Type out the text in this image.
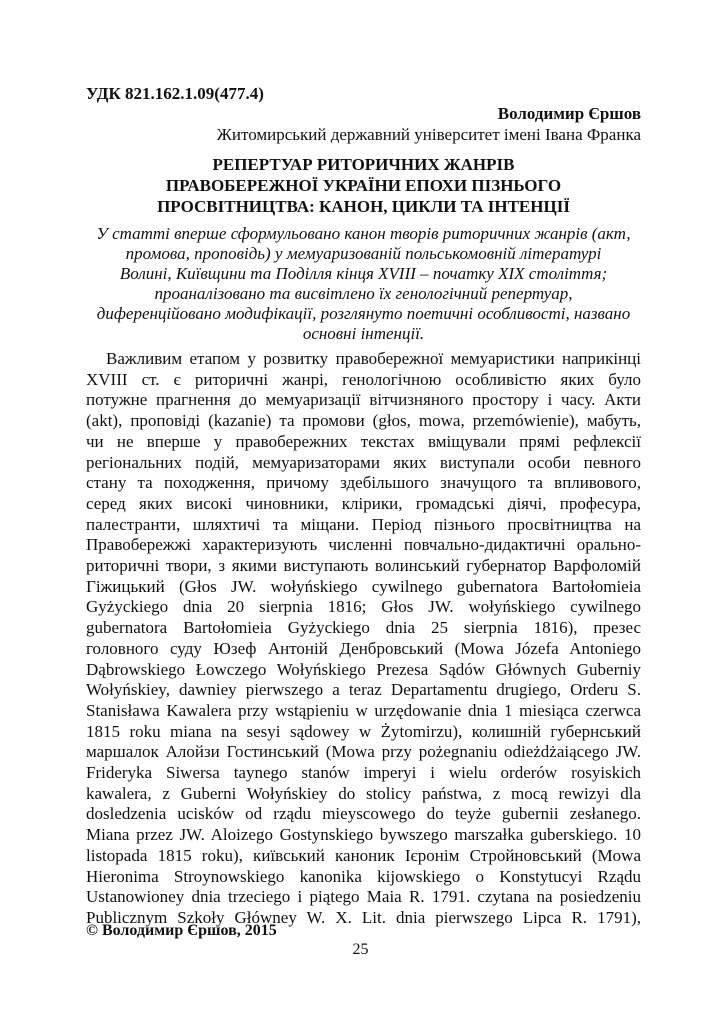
УДК 821.162.1.09(477.4)
Володимир Єршов
Житомирський державний університет імені Івана Франка
РЕПЕРТУАР РИТОРИЧНИХ ЖАНРІВ
ПРАВОБЕРЕЖНОЇ УКРАЇНИ ЕПОХИ ПІЗНЬОГО
ПРОСВІТНИЦТВА: КАНОН, ЦИКЛИ ТА ІНТЕНЦІЇ
У статті вперше сформульовано канон творів риторичних жанрів (акт,
промова, проповідь) у мемуаризованій польськомовній літературі
Волині, Київщини та Поділля кінця XVIII – початку ХІХ століття;
проаналізовано та висвітлено їх генологічний репертуар,
диференційовано модифікації, розглянуто поетичні особливості, названо
основні інтенції.
Важливим етапом у розвитку правобережної мемуаристики наприкінці
XVIII ст. є риторичні жанрі, генологічною особливістю яких було
потужне прагнення до мемуаризації вітчизняного простору і часу. Акти
(akt), проповіді (kazanie) та промови (głos, mowa, przemówienie), мабуть,
чи не вперше у правобережних текстах вміщували прямі рефлексії
регіональних подій, мемуаризаторами яких виступали особи певного
стану та походження, причому здебільшого значущого та впливового,
серед яких високі чиновники, клірики, громадські діячі, професура,
палестранти, шляхтичі та міщани. Період пізнього просвітництва на
Правобережжі характеризують численні повчально-дидактичні орально-
риторичні твори, з якими виступають волинський губернатор Варфоломій
Гіжицький (Głos JW. wołyńskiego cywilnego gubernatora Bartołomieia
Gyżyckiego dnia 20 sierpnia 1816; Głos JW. wołyńskiego cywilnego
gubernatora Bartołomieia Gyżyckiego dnia 25 sierpnia 1816), презес
головного суду Юзеф Антоній Денбровський (Mowa Józefa Antoniego
Dąbrowskiego Łowczego Wołyńskiego Prezesa Sądów Głównych Guberniy
Wołyńskiey, dawniey pierwszego a teraz Departamentu drugiego, Orderu S.
Stanisława Kawalera przy wstąpieniu w urzędowanie dnia 1 miesiąca czerwca
1815 roku miana na sesyi sądowey w Żytomirzu), колишній губернський
маршалок Алойзи Гостинський (Mowa przy pożegnaniu odieżdżaiącego JW.
Frideryka Siwersa taynego stanów imperyi i wielu orderów rosyiskich
kawalera, z Guberni Wołyńskiey do stolicy państwa, z mocą rewizyi dla
dosledzenia ucisków od rządu mieyscowego do teyże gubernii zesłanego.
Miana przez JW. Aloizego Gostynskiego bywszego marszałka guberskiego. 10
listopada 1815 roku), київський каноник Ієронім Стройновський (Mowa
Hieronima Stroynowskiego kanonika kijowskiego o Konstytucyi Rządu
Ustanowioney dnia trzeciego i piątego Maia R. 1791. czytana na posiedzeniu
Publicznym Szkoły Główney W. X. Lit. dnia pierwszego Lipca R. 1791),
© Володимир Єршов, 2015
25
